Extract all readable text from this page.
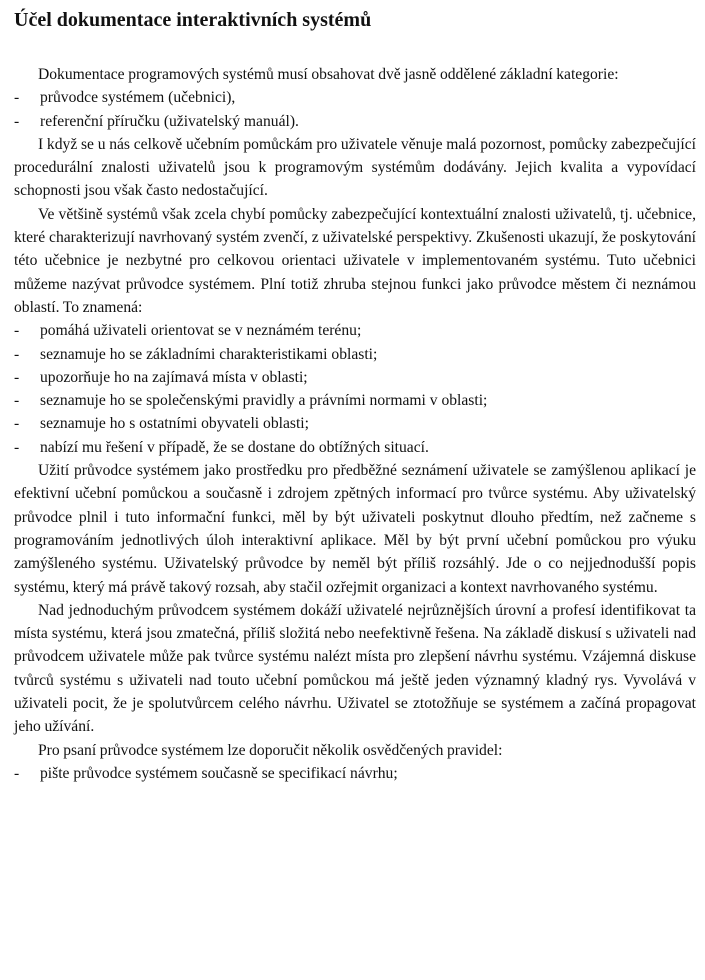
Účel dokumentace interaktivních systémů

Dokumentace programových systémů musí obsahovat dvě jasně oddělené základní kategorie:

- průvodce systémem (učebnici),
- referenční příručku (uživatelský manuál).

I když se u nás celkově učebním pomůckám pro uživatele věnuje malá pozornost, pomůcky zabezpečující procedurální znalosti uživatelů jsou k programovým systémům dodávány. Jejich kvalita a vypovídací schopnosti jsou však často nedostačující.

Ve většině systémů však zcela chybí pomůcky zabezpečující kontextuální znalosti uživatelů, tj. učebnice, které charakterizují navrhovaný systém zvenčí, z uživatelské perspektivy. Zkušenosti ukazují, že poskytování této učebnice je nezbytné pro celkovou orientaci uživatele v implementovaném systému. Tuto učebnici můžeme nazývat průvodce systémem. Plní totiž zhruba stejnou funkci jako průvodce městem či neznámou oblastí. To znamená:

- pomáhá uživateli orientovat se v neznámém terénu;
- seznamuje ho se základními charakteristikami oblasti;
- upozorňuje ho na zajímavá místa v oblasti;
- seznamuje ho se společenskými pravidly a právními normami v oblasti;
- seznamuje ho s ostatními obyvateli oblasti;
- nabízí mu řešení v případě, že se dostane do obtížných situací.

Užití průvodce systémem jako prostředku pro předběžné seznámení uživatele se zamýšlenou aplikací je efektivní učební pomůckou a současně i zdrojem zpětných informací pro tvůrce systému. Aby uživatelský průvodce plnil i tuto informační funkci, měl by být uživateli poskytnut dlouho předtím, než začneme s programováním jednotlivých úloh interaktivní aplikace. Měl by být první učební pomůckou pro výuku zamýšleného systému. Uživatelský průvodce by neměl být příliš rozsáhlý. Jde o co nejjednodušší popis systému, který má právě takový rozsah, aby stačil ozřejmit organizaci a kontext navrhovaného systému.

Nad jednoduchým průvodcem systémem dokáží uživatelé nejrůznějších úrovní a profesí identifikovat ta místa systému, která jsou zmatečná, příliš složitá nebo neefektivně řešena. Na základě diskusí s uživateli nad průvodcem uživatele může pak tvůrce systému nalézt místa pro zlepšení návrhu systému. Vzájemná diskuse tvůrců systému s uživateli nad touto učební pomůckou má ještě jeden významný kladný rys. Vyvolává v uživateli pocit, že je spolutvůrcem celého návrhu. Uživatel se ztotožňuje se systémem a začíná propagovat jeho užívání.

Pro psaní průvodce systémem lze doporučit několik osvědčených pravidel:

- pište průvodce systémem současně se specifikací návrhu;
